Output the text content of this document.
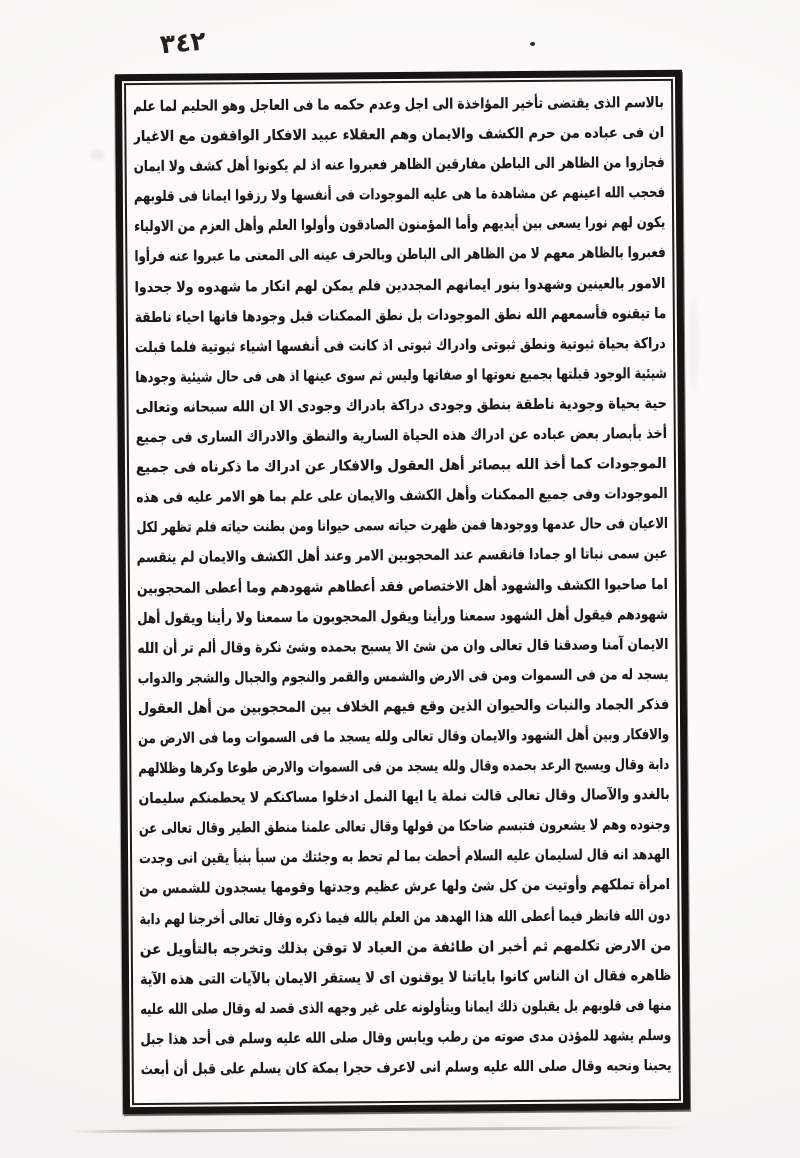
٣٤٢
بالاسم الذى يقتضى تأخير المؤاخذة الى اجل وعدم حكمه ما فى العاجل وهو الحليم لما علم
ان فى عباده من حرم الكشف والايمان وهم العقلاء عبيد الافكار الواقفون مع الاغيار
فجازوا من الظاهر الى الباطن مفارقين الظاهر فعبروا عنه اذ لم يكونوا أهل كشف ولا ايمان
فحجب الله اعينهم عن مشاهدة ما هى عليه الموجودات فى أنفسها ولا رزقوا ايمانا فى قلوبهم
يكون لهم نورا يسعى بين أيديهم وأما المؤمنون الصادقون وأولوا العلم وأهل العزم من الاولياء
فعبروا بالظاهر معهم لا من الظاهر الى الباطن وبالحرف عينه الى المعنى ما عبروا عنه فرأوا
الامور بالعينين وشهدوا بنور ايمانهم المجددين فلم يمكن لهم انكار ما شهدوه ولا جحدوا
ما تيقنوه فأسمعهم الله نطق الموجودات بل نطق الممكنات قبل وجودها فانها احياء ناطقة
دراكة بحياة ثبوتية ونطق ثبوتى وادراك ثبوتى اذ كانت فى أنفسها اشياء ثبوتية فلما قبلت
شيئية الوجود قبلتها بجميع نعوتها او صفاتها وليس ثم سوى عينها اذ هى فى حال شيئية وجودها
حية بحياة وجودية ناطقة بنطق وجودى دراكة بادراك وجودى الا ان الله سبحانه وتعالى
أخذ بأبصار بعض عباده عن ادراك هذه الحياة السارية والنطق والادراك السارى فى جميع
الموجودات كما أخذ الله ببصائر أهل العقول والافكار عن ادراك ما ذكرناه فى جميع
الموجودات وفى جميع الممكنات وأهل الكشف والايمان على علم بما هو الامر عليه فى هذه
الاعيان فى حال عدمها ووجودها فمن ظهرت حياته سمى حيوانا ومن بطنت حياته فلم تظهر لكل
عين سمى نباتا او جمادا فانقسم عند المحجوبين الامر وعند أهل الكشف والايمان لم ينقسم
اما صاحبوا الكشف والشهود أهل الاختصاص فقد أعطاهم شهودهم وما أعطى المحجوبين
شهودهم فيقول أهل الشهود سمعنا ورأينا ويقول المحجوبون ما سمعنا ولا رأينا ويقول أهل
الايمان آمنا وصدقنا قال تعالى وان من شئ الا يسبح بحمده وشئ نكرة وقال ألم تر أن الله
يسجد له من فى السموات ومن فى الارض والشمس والقمر والنجوم والجبال والشجر والدواب
فذكر الجماد والنبات والحيوان الذين وقع فيهم الخلاف بين المحجوبين من أهل العقول
والافكار وبين أهل الشهود والايمان وقال تعالى ولله يسجد ما فى السموات وما فى الارض من
دابة وقال ويسبح الرعد بحمده وقال ولله يسجد من فى السموات والارض طوعا وكرها وظلالهم
بالغدو والآصال وقال تعالى قالت نملة يا ايها النمل ادخلوا مساكنكم لا يحطمنكم سليمان
وجنوده وهم لا يشعرون فتبسم ضاحكا من قولها وقال تعالى علمنا منطق الطير وقال تعالى عن
الهدهد انه قال لسليمان عليه السلام أحطت بما لم تحط به وجئتك من سبأ بنبأ يقين انى وجدت
امرأة تملكهم وأوتيت من كل شئ ولها عرش عظيم وجدتها وقومها يسجدون للشمس من
دون الله فانظر فيما أعطى الله هذا الهدهد من العلم بالله فيما ذكره وقال تعالى أخرجنا لهم دابة
من الارض تكلمهم ثم أخبر ان طائفة من العباد لا توقن بذلك وتخرجه بالتأويل عن
ظاهره فقال ان الناس كانوا باياتنا لا يوقنون اى لا يستقر الايمان بالآيات التى هذه الآية
منها فى قلوبهم بل يقبلون ذلك ايمانا ويتأولونه على غير وجهه الذى قصد له وقال صلى الله عليه
وسلم يشهد للمؤذن مدى صوته من رطب ويابس وقال صلى الله عليه وسلم فى أحد هذا جبل
يحبنا ونحبه وقال صلى الله عليه وسلم انى لاعرف حجرا بمكة كان يسلم على قبل أن أبعث
